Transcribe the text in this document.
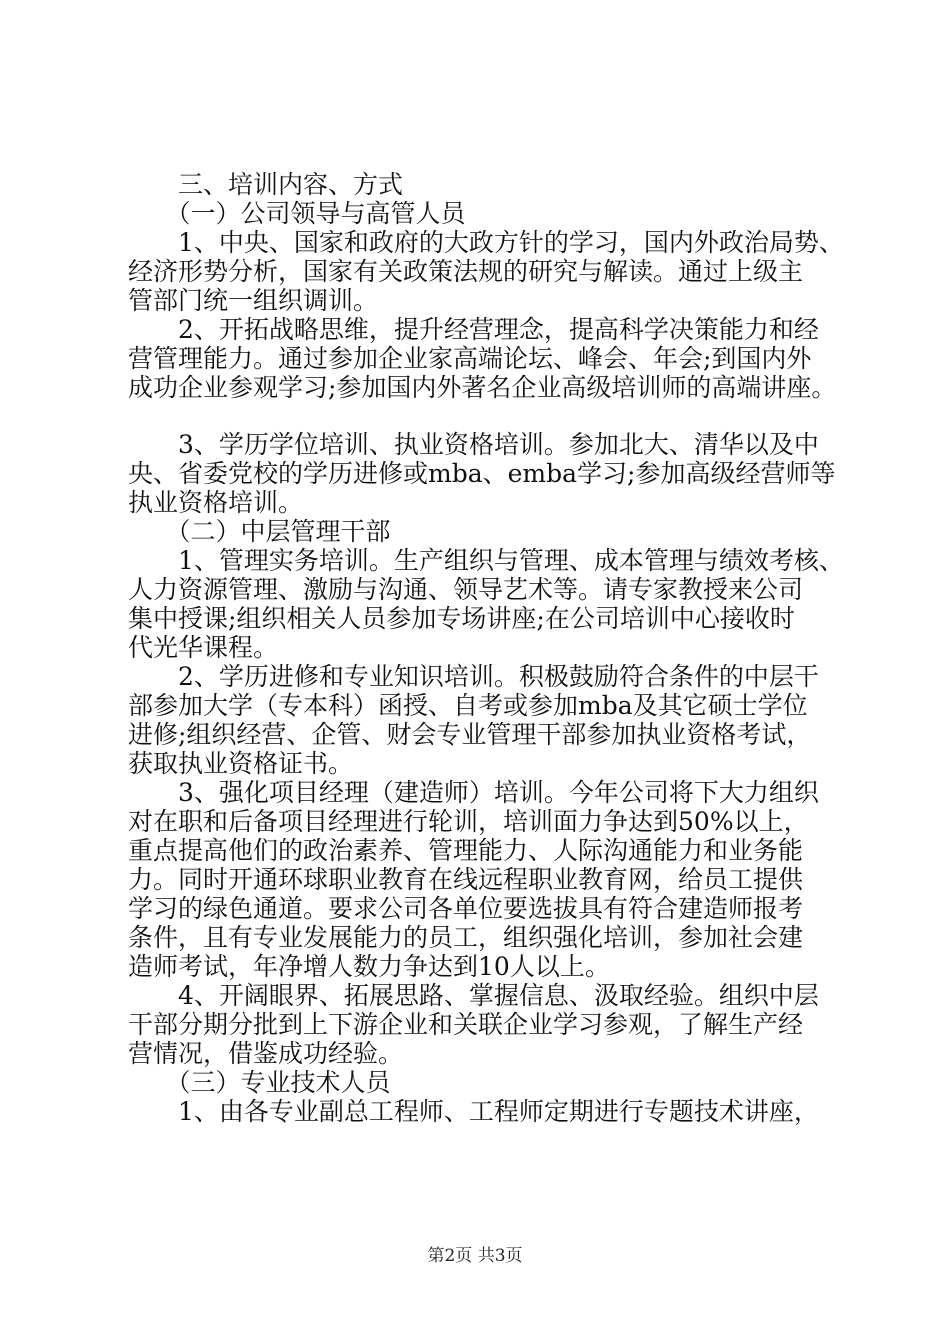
　　三、培训内容、方式
　　（一）公司领导与高管人员
　　1、中央、国家和政府的大政方针的学习，国内外政治局势、
经济形势分析，国家有关政策法规的研究与解读。通过上级主
管部门统一组织调训。
　　2、开拓战略思维，提升经营理念，提高科学决策能力和经
营管理能力。通过参加企业家高端论坛、峰会、年会;到国内外
成功企业参观学习;参加国内外著名企业高级培训师的高端讲座。
　　3、学历学位培训、执业资格培训。参加北大、清华以及中
央、省委党校的学历进修或mba、emba学习;参加高级经营师等
执业资格培训。
　　（二）中层管理干部
　　1、管理实务培训。生产组织与管理、成本管理与绩效考核、
人力资源管理、激励与沟通、领导艺术等。请专家教授来公司
集中授课;组织相关人员参加专场讲座;在公司培训中心接收时
代光华课程。
　　2、学历进修和专业知识培训。积极鼓励符合条件的中层干
部参加大学（专本科）函授、自考或参加mba及其它硕士学位
进修;组织经营、企管、财会专业管理干部参加执业资格考试，
获取执业资格证书。
　　3、强化项目经理（建造师）培训。今年公司将下大力组织
对在职和后备项目经理进行轮训，培训面力争达到50%以上，
重点提高他们的政治素养、管理能力、人际沟通能力和业务能
力。同时开通环球职业教育在线远程职业教育网，给员工提供
学习的绿色通道。要求公司各单位要选拔具有符合建造师报考
条件，且有专业发展能力的员工，组织强化培训，参加社会建
造师考试，年净增人数力争达到10人以上。
　　4、开阔眼界、拓展思路、掌握信息、汲取经验。组织中层
干部分期分批到上下游企业和关联企业学习参观，了解生产经
营情况，借鉴成功经验。
　　（三）专业技术人员
　　1、由各专业副总工程师、工程师定期进行专题技术讲座，
第2页 共3页
